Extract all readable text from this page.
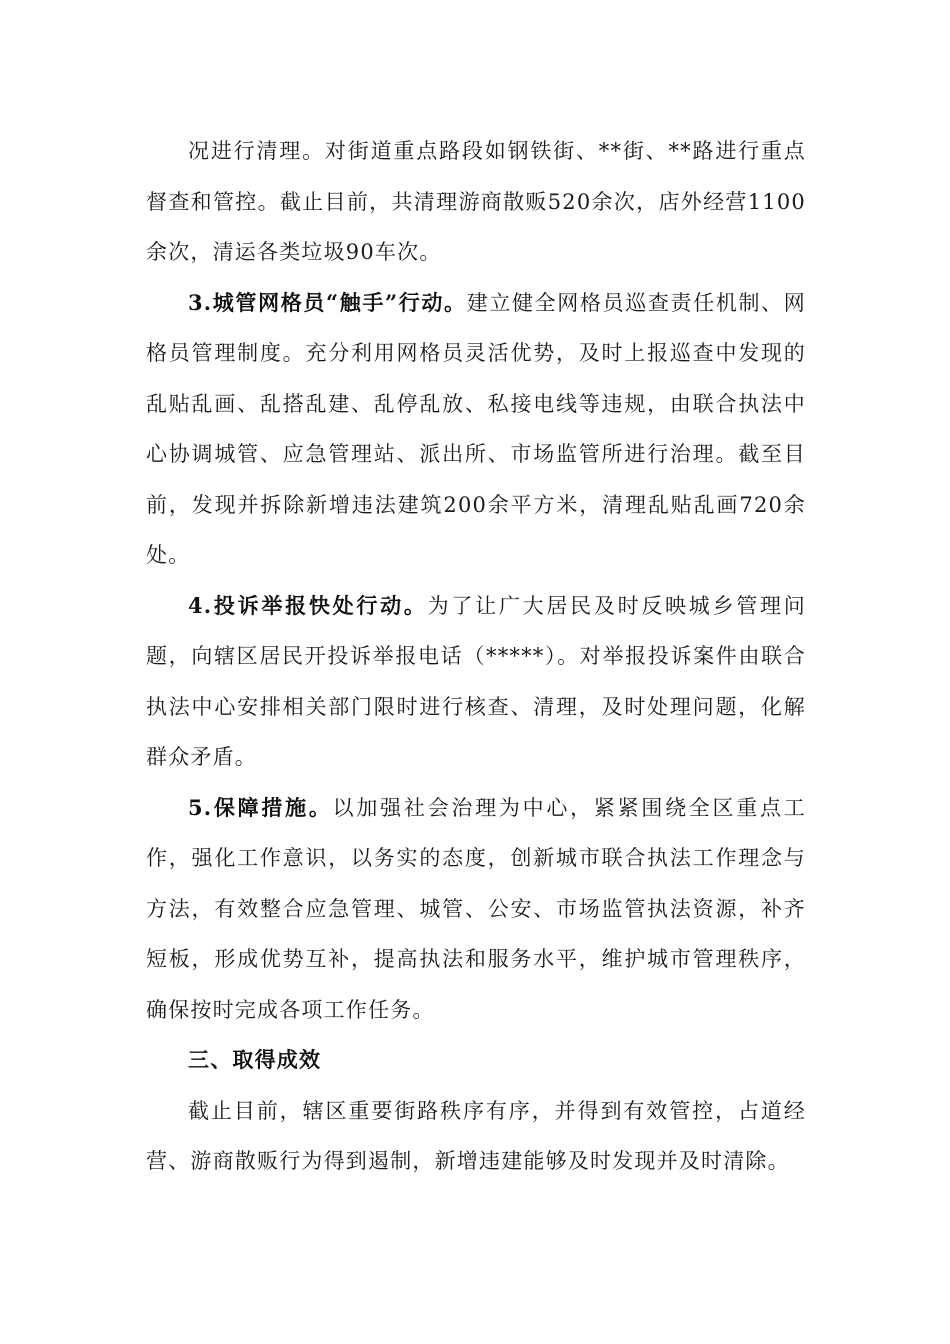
况进行清理。对街道重点路段如钢铁街、**街、**路进行重点督查和管控。截止目前，共清理游商散贩520余次，店外经营1100余次，清运各类垃圾90车次。

3.城管网格员“触手”行动。建立健全网格员巡查责任机制、网格员管理制度。充分利用网格员灵活优势，及时上报巡查中发现的乱贴乱画、乱搭乱建、乱停乱放、私接电线等违规，由联合执法中心协调城管、应急管理站、派出所、市场监管所进行治理。截至目前，发现并拆除新增违法建筑200余平方米，清理乱贴乱画720余处。

4.投诉举报快处行动。为了让广大居民及时反映城乡管理问题，向辖区居民开投诉举报电话（*****）。对举报投诉案件由联合执法中心安排相关部门限时进行核查、清理，及时处理问题，化解群众矛盾。

5.保障措施。以加强社会治理为中心，紧紧围绕全区重点工作，强化工作意识，以务实的态度，创新城市联合执法工作理念与方法，有效整合应急管理、城管、公安、市场监管执法资源，补齐短板，形成优势互补，提高执法和服务水平，维护城市管理秩序，确保按时完成各项工作任务。

三、取得成效

截止目前，辖区重要街路秩序有序，并得到有效管控，占道经营、游商散贩行为得到遏制，新增违建能够及时发现并及时清除。
